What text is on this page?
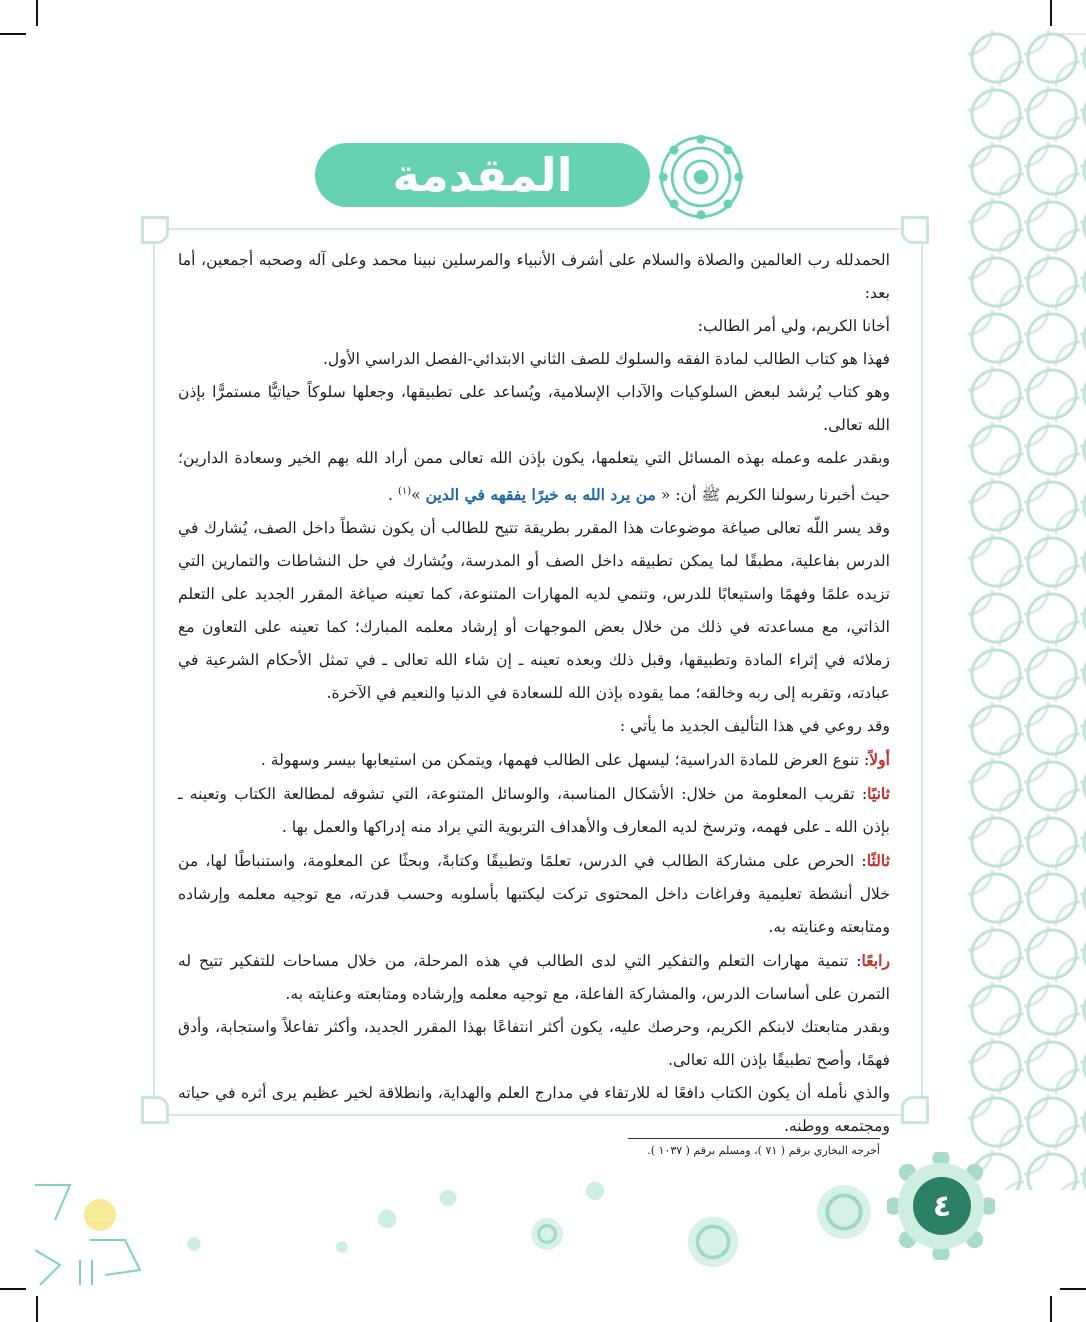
المقدمة

الحمدلله رب العالمين والصلاة والسلام على أشرف الأنبياء والمرسلين نبينا محمد وعلى آله وصحبه أجمعين، أما بعد:

أخانا الكريم، ولي أمر الطالب:

فهذا هو كتاب الطالب لمادة الفقه والسلوك للصف الثاني الابتدائي-الفصل الدراسي الأول.

وهو كتاب يُرشد لبعض السلوكيات والآداب الإسلامية، ويُساعد على تطبيقها، وجعلها سلوكاً حياتيًّا مستمرًّا بإذن الله تعالى.

وبقدر علمه وعمله بهذه المسائل التي يتعلمها، يكون بإذن الله تعالى ممن أراد الله بهم الخير وسعادة الدارين؛ حيث أخبرنا رسولنا الكريم ﷺ أن: « من يرد الله به خيرًا يفقهه في الدين »$^{(١)}$ .

وقد يسر اللّه تعالى صياغة موضوعات هذا المقرر بطريقة تتيح للطالب أن يكون نشطاً داخل الصف، يُشارك في الدرس بفاعلية، مطبقًا لما يمكن تطبيقه داخل الصف أو المدرسة، ويُشارك في حل النشاطات والتمارين التي تزيده علمًا وفهمًا واستيعابًا للدرس، وتنمي لديه المهارات المتنوعة، كما تعينه صياغة المقرر الجديد على التعلم الذاتي، مع مساعدته في ذلك من خلال بعض الموجهات أو إرشاد معلمه المبارك؛ كما تعينه على التعاون مع زملائه في إثراء المادة وتطبيقها، وقبل ذلك وبعده تعينه ـ إن شاء الله تعالى ـ في تمثل الأحكام الشرعية في عبادته، وتقربه إلى ربه وخالقه؛ مما يقوده بإذن الله للسعادة في الدنيا والنعيم في الآخرة.

وقد روعي في هذا التأليف الجديد ما يأتي :

أولاً: تنوع العرض للمادة الدراسية؛ ليسهل على الطالب فهمها، ويتمكن من استيعابها بيسر وسهولة .

ثانيًا: تقريب المعلومة من خلال: الأشكال المناسبة، والوسائل المتنوعة، التي تشوقه لمطالعة الكتاب وتعينه ـ بإذن الله ـ على فهمه، وترسخ لديه المعارف والأهداف التربوية التي يراد منه إدراكها والعمل بها .

ثالثًا: الحرص على مشاركة الطالب في الدرس، تعلمًا وتطبيقًا وكتابةً، وبحثًا عن المعلومة، واستنباطًا لها، من خلال أنشطة تعليمية وفراغات داخل المحتوى تركت ليكتبها بأسلوبه وحسب قدرته، مع توجيه معلمه وإرشاده ومتابعته وعنايته به.

رابعًا: تنمية مهارات التعلم والتفكير التي لدى الطالب في هذه المرحلة، من خلال مساحات للتفكير تتيح له التمرن على أساسات الدرس، والمشاركة الفاعلة، مع توجيه معلمه وإرشاده ومتابعته وعنايته به.

وبقدر متابعتك لابنكم الكريم، وحرصك عليه، يكون أكثر انتفاعًا بهذا المقرر الجديد، وأكثر تفاعلاً واستجابة، وأدق فهمًا، وأصح تطبيقًا بإذن الله تعالى.

والذي نأمله أن يكون الكتاب دافعًا له للارتقاء في مدارج العلم والهداية، وانطلاقة لخير عظيم يرى أثره في حياته ومجتمعه ووطنه.

أخرجه البخاري برقم ( ٧١ )، ومسلم برقم ( ١٠٣٧ ).
٤
